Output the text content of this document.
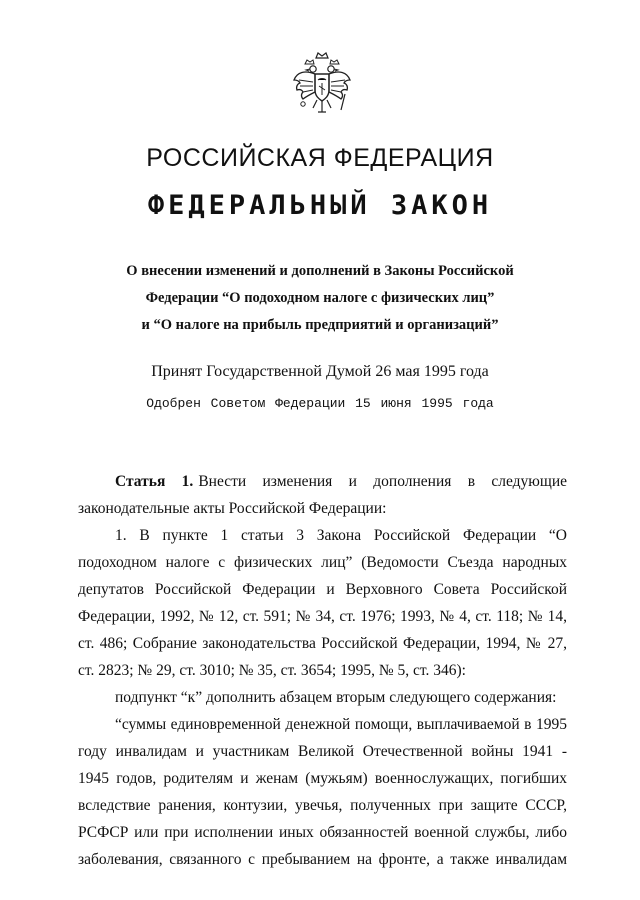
РОССИЙСКАЯ ФЕДЕРАЦИЯ
ФЕДЕРАЛЬНЫЙ ЗАКОН
О внесении изменений и дополнений в Законы Российской
Федерации “О подоходном налоге с физических лиц”
и “О налоге на прибыль предприятий и организаций”
Принят Государственной Думой 26 мая 1995 года
Одобрен Советом Федерации 15 июня 1995 года

Статья 1. Внести изменения и дополнения в следующие

законодательные акты Российской Федерации:

1. В пункте 1 статьи 3 Закона Российской Федерации “О

подоходном налоге с физических лиц” (Ведомости Съезда народных

депутатов Российской Федерации и Верховного Совета Российской

Федерации, 1992, № 12, ст. 591; № 34, ст. 1976; 1993, № 4, ст. 118; № 14,

ст. 486; Собрание законодательства Российской Федерации, 1994, № 27,

ст. 2823; № 29, ст. 3010; № 35, ст. 3654; 1995, № 5, ст. 346):

подпункт “к” дополнить абзацем вторым следующего содержания:

“суммы единовременной денежной помощи, выплачиваемой в 1995

году инвалидам и участникам Великой Отечественной войны 1941 -

1945 годов, родителям и женам (мужьям) военнослужащих, погибших

вследствие ранения, контузии, увечья, полученных при защите СССР,

РСФСР или при исполнении иных обязанностей военной службы, либо

заболевания, связанного с пребыванием на фронте, а также инвалидам
